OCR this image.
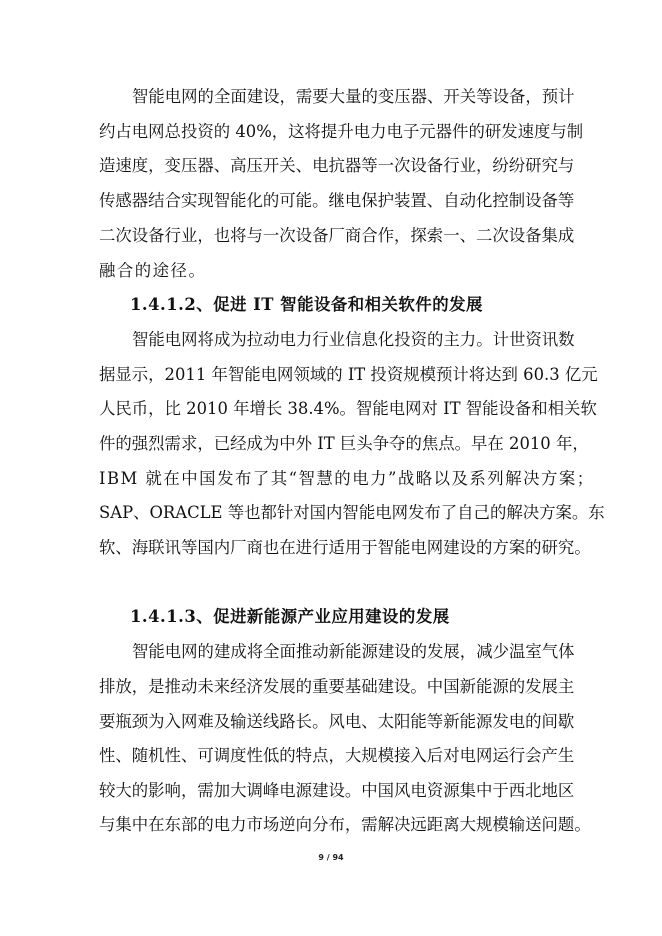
智能电网的全面建设，需要大量的变压器、开关等设备，预计
约占电网总投资的 40%，这将提升电力电子元器件的研发速度与制
造速度，变压器、高压开关、电抗器等一次设备行业，纷纷研究与
传感器结合实现智能化的可能。继电保护装置、自动化控制设备等
二次设备行业，也将与一次设备厂商合作，探索一、二次设备集成
融合的途径。
1.4.1.2、促进 IT 智能设备和相关软件的发展
智能电网将成为拉动电力行业信息化投资的主力。计世资讯数
据显示，2011 年智能电网领域的 IT 投资规模预计将达到 60.3 亿元
人民币，比 2010 年增长 38.4%。智能电网对 IT 智能设备和相关软
件的强烈需求，已经成为中外 IT 巨头争夺的焦点。早在 2010 年，
IBM 就在中国发布了其“智慧的电力”战略以及系列解决方案；
SAP、ORACLE 等也都针对国内智能电网发布了自己的解决方案。东
软、海联讯等国内厂商也在进行适用于智能电网建设的方案的研究。
1.4.1.3、促进新能源产业应用建设的发展
智能电网的建成将全面推动新能源建设的发展，减少温室气体
排放，是推动未来经济发展的重要基础建设。中国新能源的发展主
要瓶颈为入网难及输送线路长。风电、太阳能等新能源发电的间歇
性、随机性、可调度性低的特点，大规模接入后对电网运行会产生
较大的影响，需加大调峰电源建设。中国风电资源集中于西北地区
与集中在东部的电力市场逆向分布，需解决远距离大规模输送问题。
9 / 94
